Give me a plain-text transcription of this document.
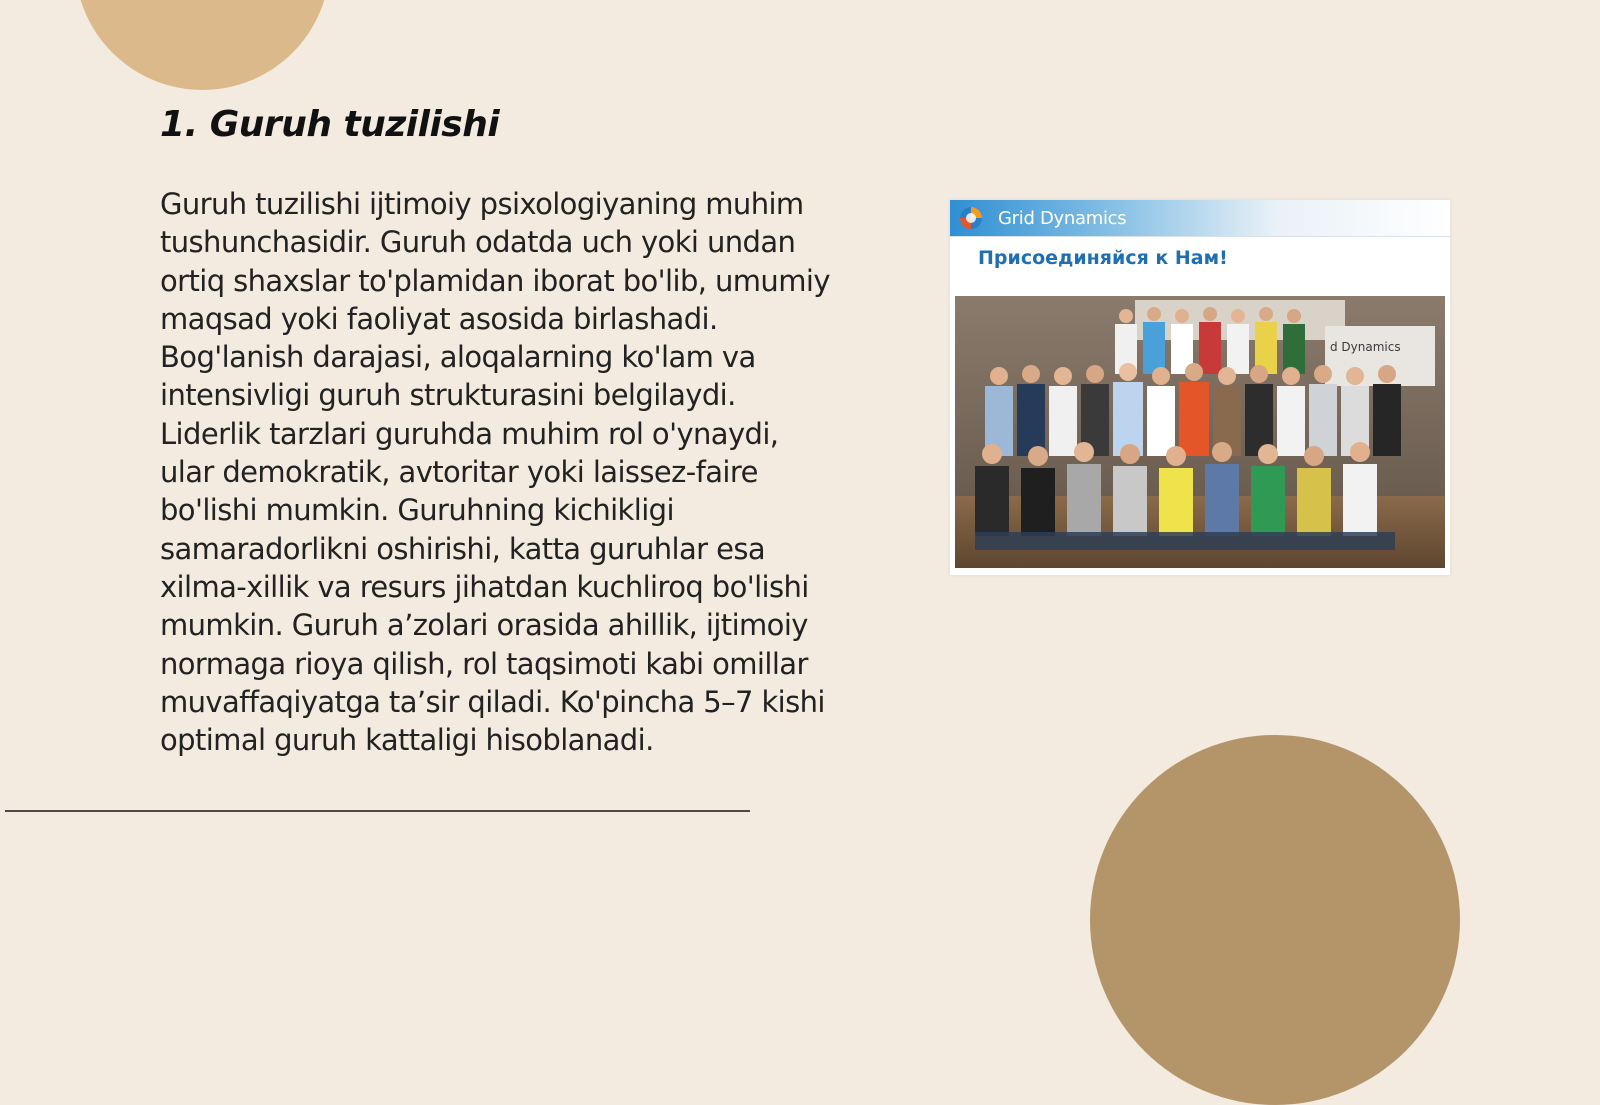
1. Guruh tuzilishi

Guruh tuzilishi ijtimoiy psixologiyaning muhim tushunchasidir. Guruh odatda uch yoki undan ortiq shaxslar to'plamidan iborat bo'lib, umumiy maqsad yoki faoliyat asosida birlashadi. Bog'lanish darajasi, aloqalarning ko'lam va intensivligi guruh strukturasini belgilaydi. Liderlik tarzlari guruhda muhim rol o'ynaydi, ular demokratik, avtoritar yoki laissez-faire bo'lishi mumkin. Guruhning kichikligi samaradorlikni oshirishi, katta guruhlar esa xilma-xillik va resurs jihatdan kuchliroq bo'lishi mumkin. Guruh a’zolari orasida ahillik, ijtimoiy normaga rioya qilish, rol taqsimoti kabi omillar muvaffaqiyatga ta’sir qiladi. Ko'pincha 5–7 kishi optimal guruh kattaligi hisoblanadi.

Grid Dynamics
Присоединяйся к Нам!
d Dynamics
